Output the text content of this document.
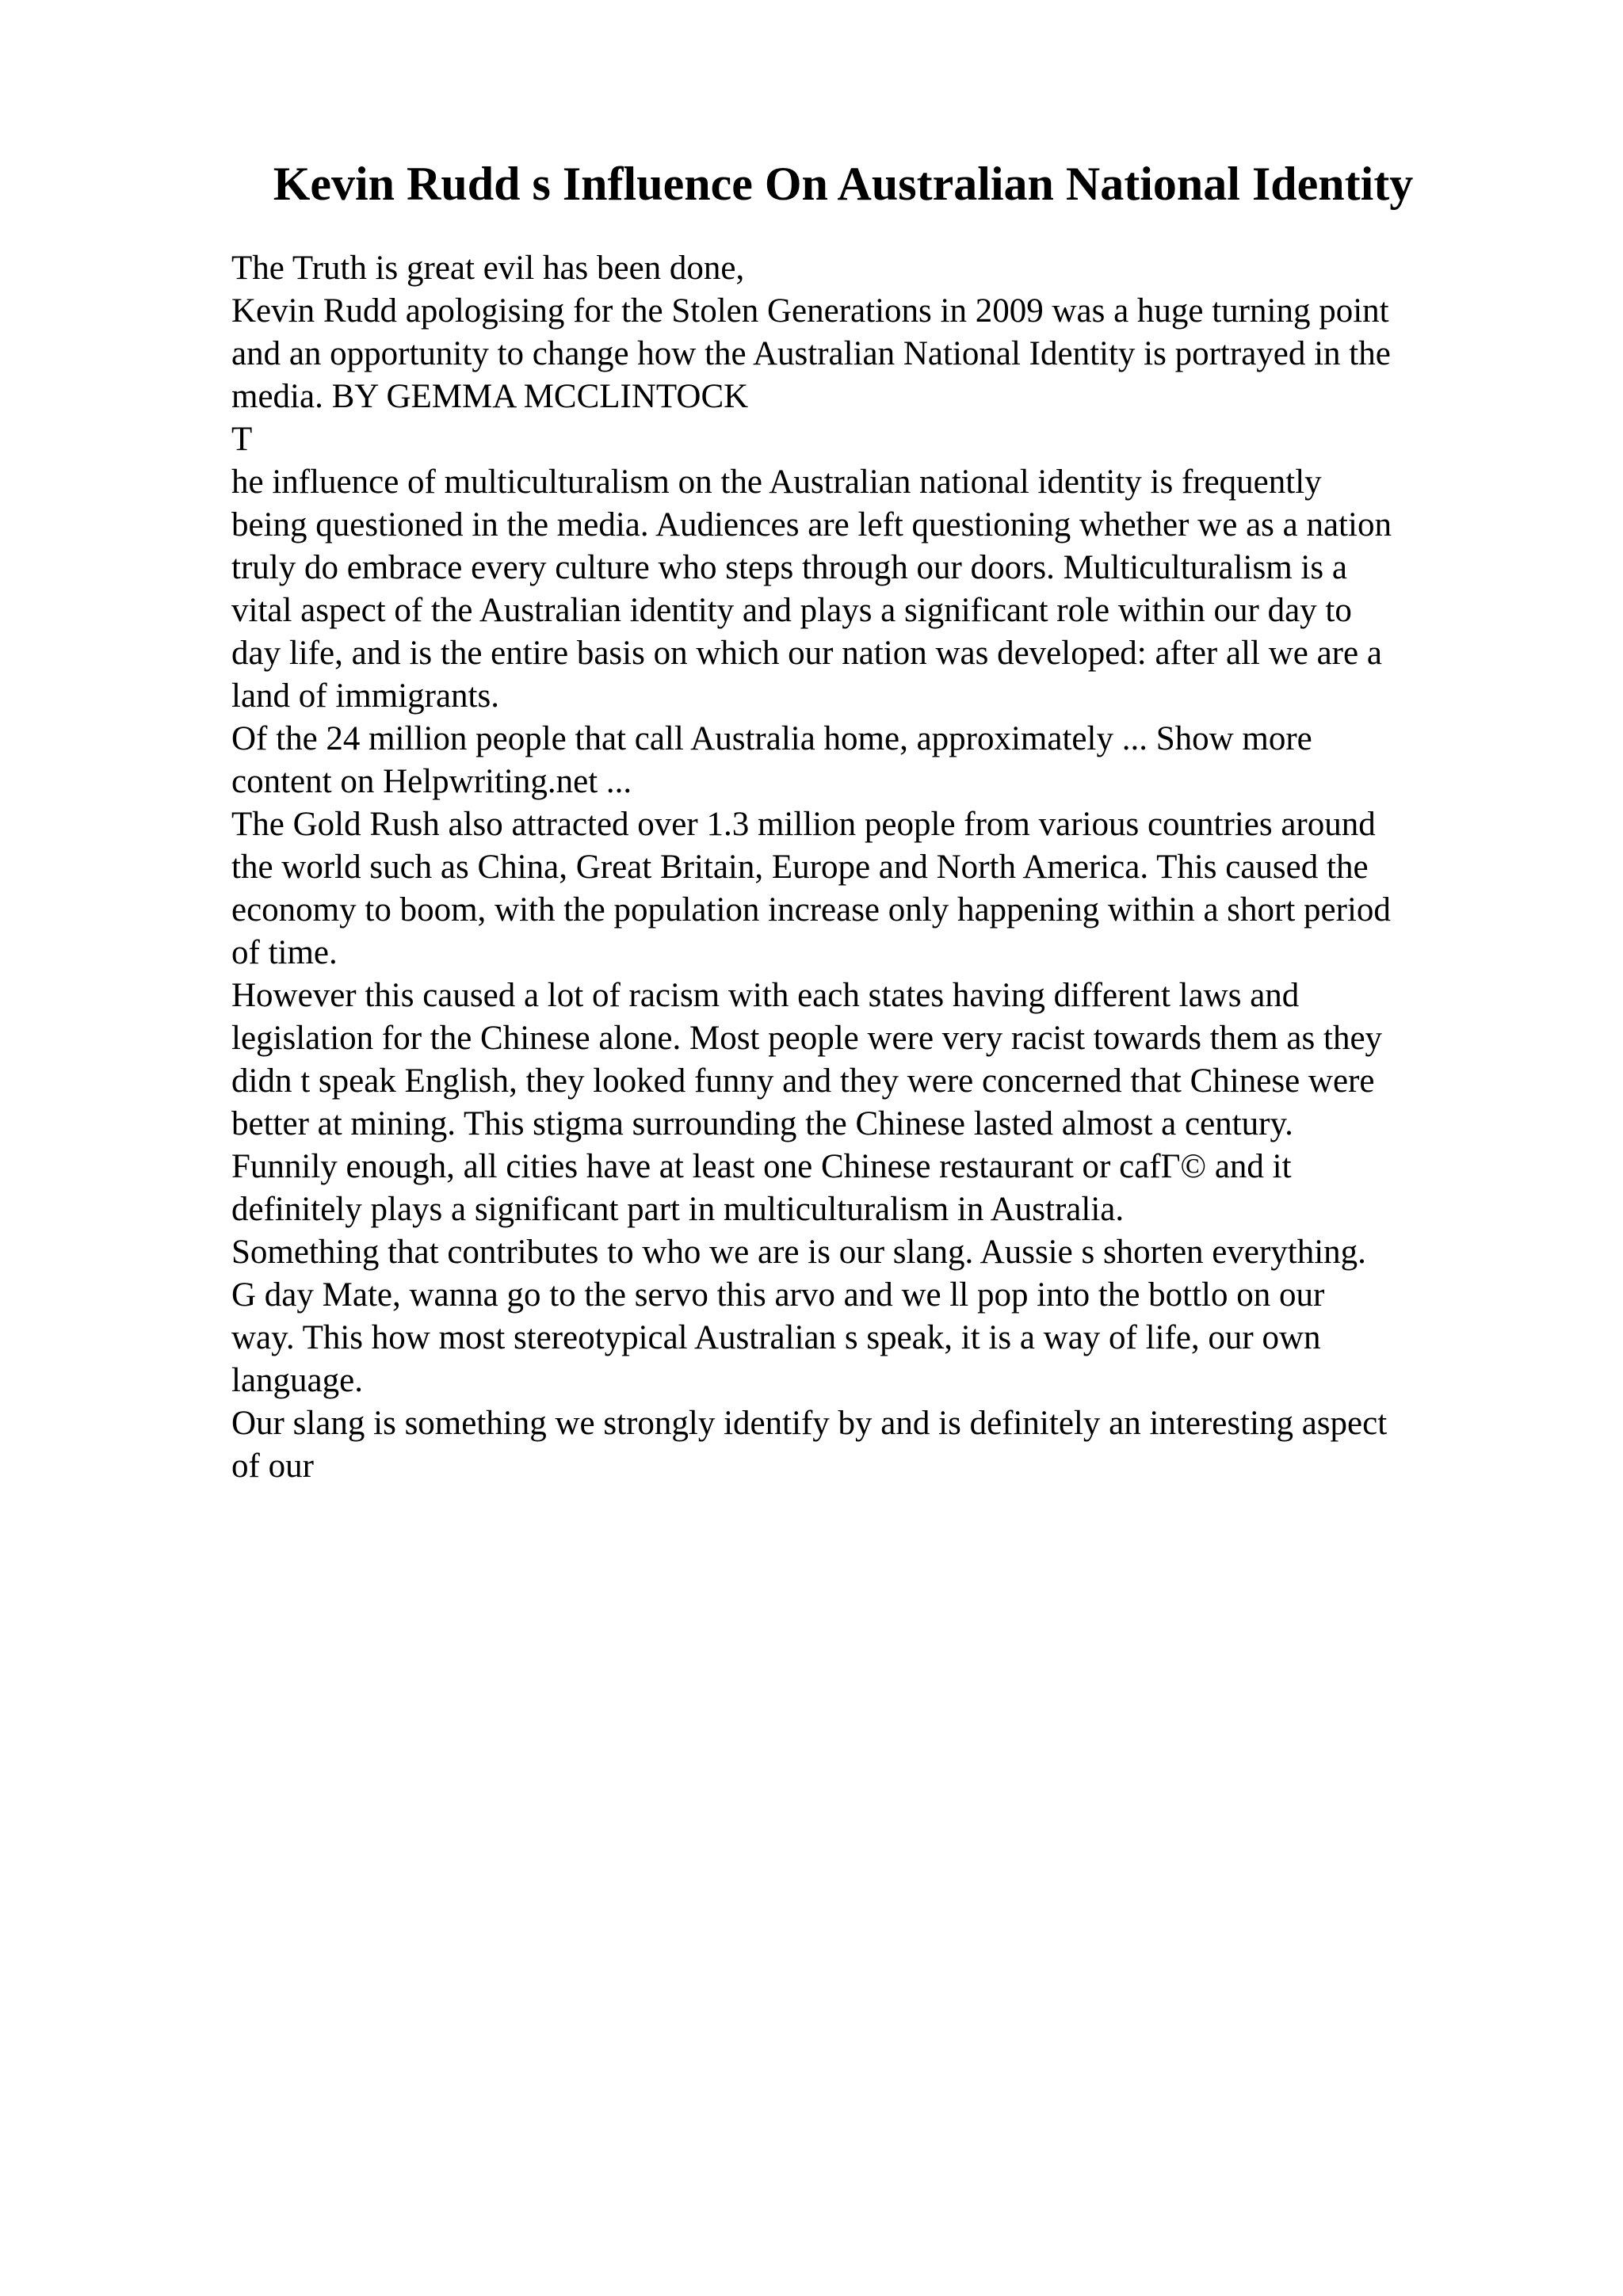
Kevin Rudd s Influence On Australian National Identity
The Truth is great evil has been done,
Kevin Rudd apologising for the Stolen Generations in 2009 was a huge turning point
and an opportunity to change how the Australian National Identity is portrayed in the
media. BY GEMMA MCCLINTOCK
T
he influence of multiculturalism on the Australian national identity is frequently
being questioned in the media. Audiences are left questioning whether we as a nation
truly do embrace every culture who steps through our doors. Multiculturalism is a
vital aspect of the Australian identity and plays a significant role within our day to
day life, and is the entire basis on which our nation was developed: after all we are a
land of immigrants.
Of the 24 million people that call Australia home, approximately ... Show more
content on Helpwriting.net ...
The Gold Rush also attracted over 1.3 million people from various countries around
the world such as China, Great Britain, Europe and North America. This caused the
economy to boom, with the population increase only happening within a short period
of time.
However this caused a lot of racism with each states having different laws and
legislation for the Chinese alone. Most people were very racist towards them as they
didn t speak English, they looked funny and they were concerned that Chinese were
better at mining. This stigma surrounding the Chinese lasted almost a century.
Funnily enough, all cities have at least one Chinese restaurant or cafГ© and it
definitely plays a significant part in multiculturalism in Australia.
Something that contributes to who we are is our slang. Aussie s shorten everything.
G day Mate, wanna go to the servo this arvo and we ll pop into the bottlo on our
way. This how most stereotypical Australian s speak, it is a way of life, our own
language.
Our slang is something we strongly identify by and is definitely an interesting aspect
of our
